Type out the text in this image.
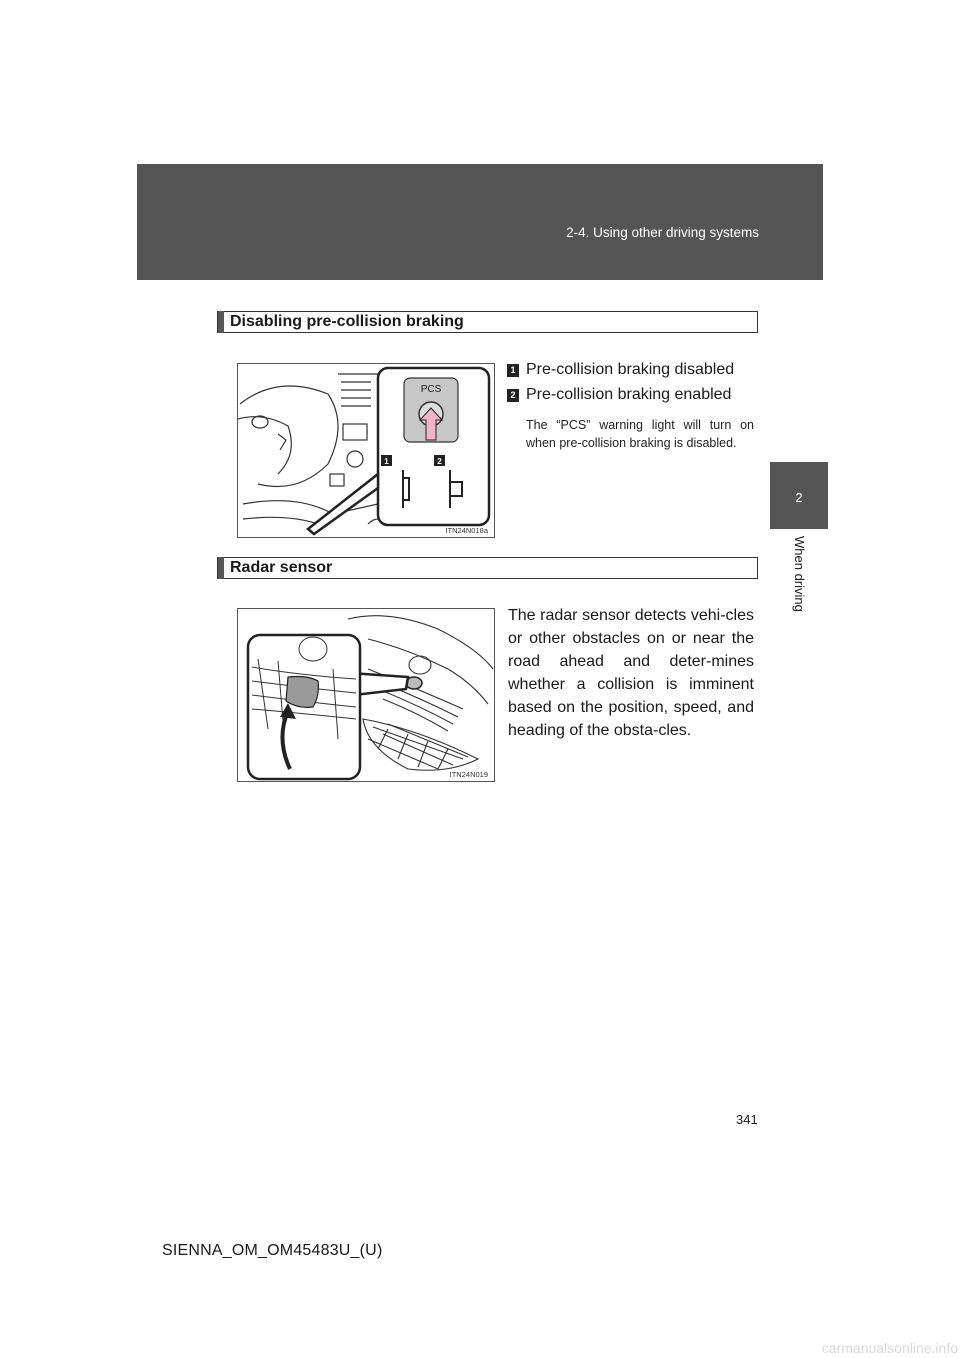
2-4. Using other driving systems
2
When driving
Disabling pre-collision braking
PCS
1	2
ITN24N018a
1 Pre-collision braking disabled
2 Pre-collision braking enabled
The “PCS” warning light will turn on when pre-collision braking is disabled.
Radar sensor
ITN24N019
The radar sensor detects vehi-cles or other obstacles on or near the road ahead and deter-mines whether a collision is imminent based on the position, speed, and heading of the obsta-cles.
341
SIENNA_OM_OM45483U_(U)
carmanualsonline.info
